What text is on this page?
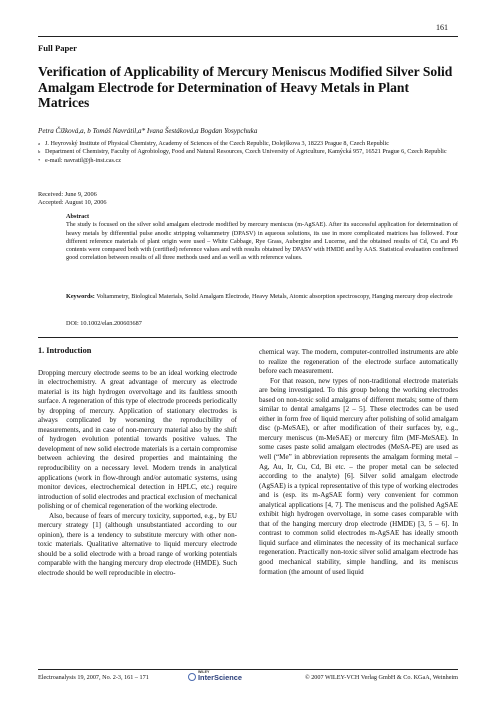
161
Full Paper
Verification of Applicability of Mercury Meniscus Modified Silver Solid Amalgam Electrode for Determination of Heavy Metals in Plant Matrices
Petra Čížková,a, b Tomáš Navrátil,a* Ivana Šestáková,a Bogdan Yosypchuka
a J. Heyrovský Institute of Physical Chemistry, Academy of Sciences of the Czech Republic, Dolejškova 3, 18223 Prague 8, Czech Republic
b Department of Chemistry, Faculty of Agrobiology, Food and Natural Resources, Czech University of Agriculture, Kamýcká 957, 16521 Prague 6, Czech Republic
* e-mail: navratil@jh-inst.cas.cz
Received: June 9, 2006
Accepted: August 10, 2006
Abstract
The study is focused on the silver solid amalgam electrode modified by mercury meniscus (m-AgSAE). After its successful application for determination of heavy metals by differential pulse anodic stripping voltammetry (DPASV) in aqueous solutions, its use in more complicated matrices has followed. Four different reference materials of plant origin were used – White Cabbage, Rye Grass, Aubergine and Lucerne, and the obtained results of Cd, Cu and Pb contents were compared both with (certified) reference values and with results obtained by DPASV with HMDE and by AAS. Statistical evaluation confirmed good correlation between results of all three methods used and as well as with reference values.
Keywords: Voltammetry, Biological Materials, Solid Amalgam Electrode, Heavy Metals, Atomic absorption spectroscopy, Hanging mercury drop electrode
DOI: 10.1002/elan.200603687
1. Introduction

Dropping mercury electrode seems to be an ideal working electrode in electrochemistry. A great advantage of mercury as electrode material is its high hydrogen overvoltage and its faultless smooth surface. A regeneration of this type of electrode proceeds periodically by dropping of mercury. Application of stationary electrodes is always complicated by worsening the reproducibility of measurements, and in case of non-mercury material also by the shift of hydrogen evolution potential towards positive values. The development of new solid electrode materials is a certain compromise between achieving the desired properties and maintaining the reproducibility on a necessary level. Modern trends in analytical applications (work in flow-through and/or automatic systems, using monitor devices, electrochemical detection in HPLC, etc.) require introduction of solid electrodes and practical exclusion of mechanical polishing or of chemical regeneration of the working electrode.

Also, because of fears of mercury toxicity, supported, e.g., by EU mercury strategy [1] (although unsubstantiated according to our opinion), there is a tendency to substitute mercury with other non-toxic materials. Qualitative alternative to liquid mercury electrode should be a solid electrode with a broad range of working potentials comparable with the hanging mercury drop electrode (HMDE). Such electrode should be well reproducible in electro-

chemical way. The modern, computer-controlled instruments are able to realize the regeneration of the electrode surface automatically before each measurement.

For that reason, new types of non-traditional electrode materials are being investigated. To this group belong the working electrodes based on non-toxic solid amalgams of different metals; some of them similar to dental amalgams [2 – 5]. These electrodes can be used either in form free of liquid mercury after polishing of solid amalgam disc (p-MeSAE), or after modification of their surfaces by, e.g., mercury meniscus (m-MeSAE) or mercury film (MF-MeSAE). In some cases paste solid amalgam electrodes (MeSA-PE) are used as well (“Me” in abbreviation represents the amalgam forming metal – Ag, Au, Ir, Cu, Cd, Bi etc. – the proper metal can be selected according to the analyte) [6]. Silver solid amalgam electrode (AgSAE) is a typical representative of this type of working electrodes and is (esp. its m-AgSAE form) very convenient for common analytical applications [4, 7]. The meniscus and the polished AgSAE exhibit high hydrogen overvoltage, in some cases comparable with that of the hanging mercury drop electrode (HMDE) [3, 5 – 6]. In contrast to common solid electrodes m-AgSAE has ideally smooth liquid surface and eliminates the necessity of its mechanical surface regeneration. Practically non-toxic silver solid amalgam electrode has good mechanical stability, simple handling, and its meniscus formation (the amount of used liquid

Electroanalysis 19, 2007, No. 2-3, 161 – 171
WILEY
InterScience	© 2007 WILEY-VCH Verlag GmbH & Co. KGaA, Weinheim
